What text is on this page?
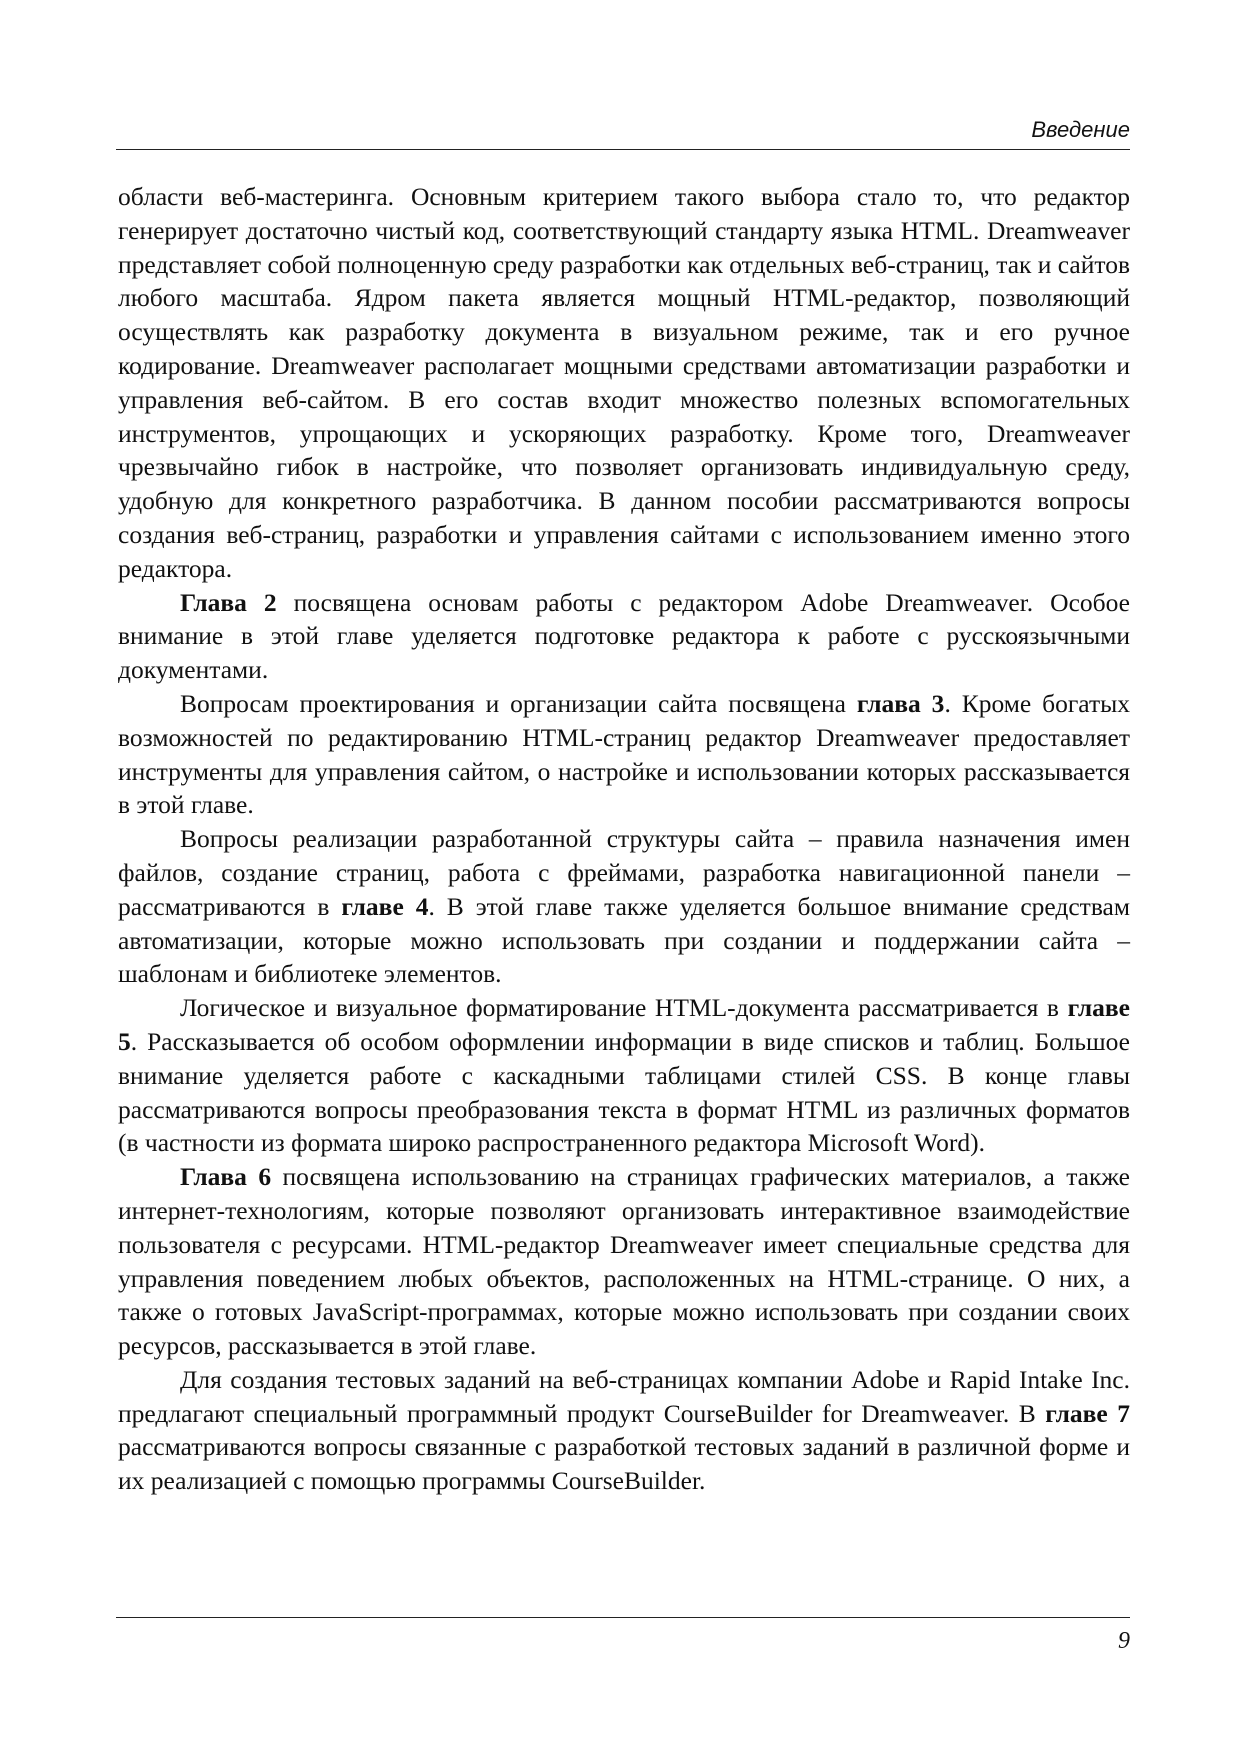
Введение

области веб-мастеринга. Основным критерием такого выбора стало то, что редактор генерирует достаточно чистый код, соответствующий стандарту языка HTML. Dreamweaver представляет собой полноценную среду разработки как отдельных веб-страниц, так и сайтов любого масштаба. Ядром пакета является мощный HTML-редактор, позволяющий осуществлять как разработку документа в визуальном режиме, так и его ручное кодирование. Dreamweaver располагает мощными средствами автоматизации разработки и управления веб-сайтом. В его состав входит множество полезных вспомогательных инструментов, упрощающих и ускоряющих разработку. Кроме того, Dreamweaver чрезвычайно гибок в настройке, что позволяет организовать индивидуальную среду, удобную для конкретного разработчика. В данном пособии рассматриваются вопросы создания веб-страниц, разработки и управления сайтами с использованием именно этого редактора.

Глава 2 посвящена основам работы с редактором Adobe Dreamweaver. Особое внимание в этой главе уделяется подготовке редактора к работе с русскоязычными документами.

Вопросам проектирования и организации сайта посвящена глава 3. Кроме богатых возможностей по редактированию HTML-страниц редактор Dreamweaver предоставляет инструменты для управления сайтом, о настройке и использовании которых рассказывается в этой главе.

Вопросы реализации разработанной структуры сайта – правила назначения имен файлов, создание страниц, работа с фреймами, разработка навигационной панели – рассматриваются в главе 4. В этой главе также уделяется большое внимание средствам автоматизации, которые можно использовать при создании и поддержании сайта – шаблонам и библиотеке элементов.

Логическое и визуальное форматирование HTML-документа рассматривается в главе 5. Рассказывается об особом оформлении информации в виде списков и таблиц. Большое внимание уделяется работе с каскадными таблицами стилей CSS. В конце главы рассматриваются вопросы преобразования текста в формат HTML из различных форматов (в частности из формата широко распространенного редактора Microsoft Word).

Глава 6 посвящена использованию на страницах графических материалов, а также интернет-технологиям, которые позволяют организовать интерактивное взаимодействие пользователя с ресурсами. HTML-редактор Dreamweaver имеет специальные средства для управления поведением любых объектов, расположенных на HTML-странице. О них, а также о готовых JavaScript-программах, которые можно использовать при создании своих ресурсов, рассказывается в этой главе.

Для создания тестовых заданий на веб-страницах компании Adobe и Rapid Intake Inc. предлагают специальный программный продукт CourseBuilder for Dreamweaver. В главе 7 рассматриваются вопросы связанные с разработкой тестовых заданий в различной форме и их реализацией с помощью программы CourseBuilder.

9
